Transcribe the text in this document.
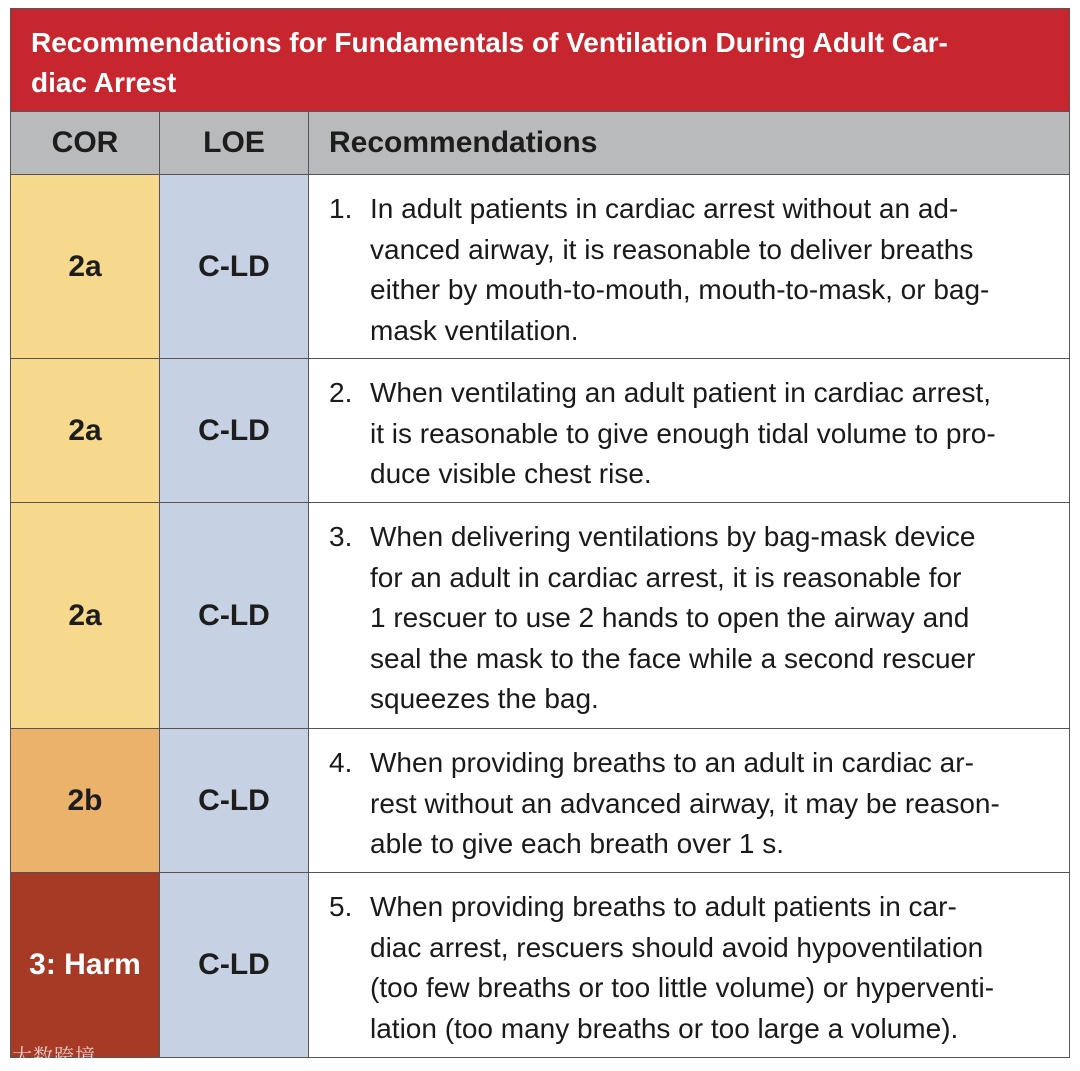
Recommendations for Fundamentals of Ventilation During Adult Car-
diac Arrest
COR	LOE	Recommendations
2a	C-LD
1. In adult patients in cardiac arrest without an ad-
vanced airway, it is reasonable to deliver breaths
either by mouth-to-mouth, mouth-to-mask, or bag-
mask ventilation.
2a	C-LD
2. When ventilating an adult patient in cardiac arrest,
it is reasonable to give enough tidal volume to pro-
duce visible chest rise.
2a	C-LD
3. When delivering ventilations by bag-mask device
for an adult in cardiac arrest, it is reasonable for
1 rescuer to use 2 hands to open the airway and
seal the mask to the face while a second rescuer
squeezes the bag.
2b	C-LD
4. When providing breaths to an adult in cardiac ar-
rest without an advanced airway, it may be reason-
able to give each breath over 1 s.
3: Harm	C-LD
5. When providing breaths to adult patients in car-
diac arrest, rescuers should avoid hypoventilation
(too few breaths or too little volume) or hyperventi-
lation (too many breaths or too large a volume).
大数跨境
